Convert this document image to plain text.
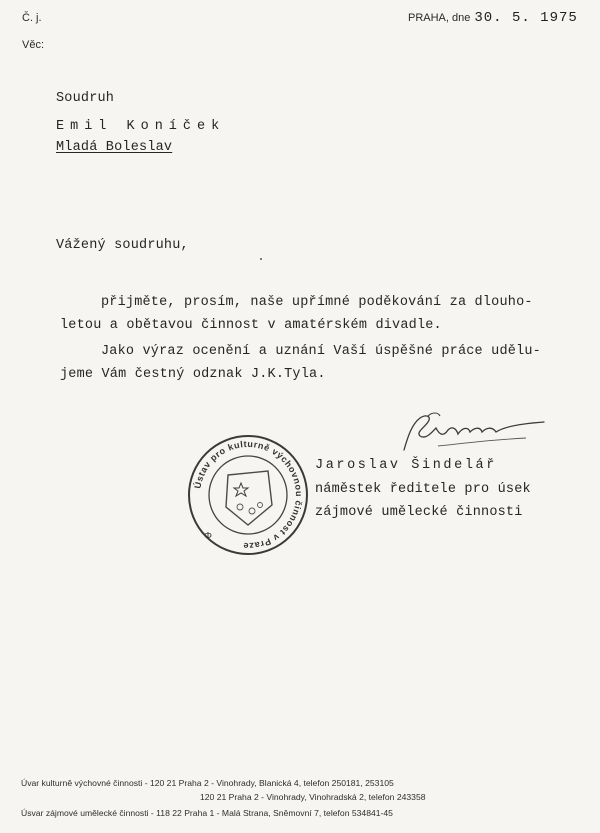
Č. j.
Věc:
PRAHA, dne 30. 5. 1975
Soudruh
Emil Koníček
Mladá Boleslav
Vážený soudruhu,
přijměte, prosím, naše upřímné poděkování za dlouho-
letou a obětavou činnost v amatérském divadle.
Jako výraz ocenění a uznání Vaší úspěšné práce udělu-
jeme Vám čestný odznak J.K.Tyla.
Ústav pro kulturně výchovnou činnost v Praze
Φ
Jaroslav Šindelář
náměstek ředitele pro úsek
zájmové umělecké činnosti
Úvar kulturně výchovné činnosti - 120 21 Praha 2 - Vinohrady, Blanická 4, telefon 250181, 253105
120 21 Praha 2 - Vinohrady, Vinohradská 2, telefon 243358
Úsvar zájmové umělecké činnosti - 118 22 Praha 1 - Malá Strana, Sněmovní 7, telefon 534841-45
